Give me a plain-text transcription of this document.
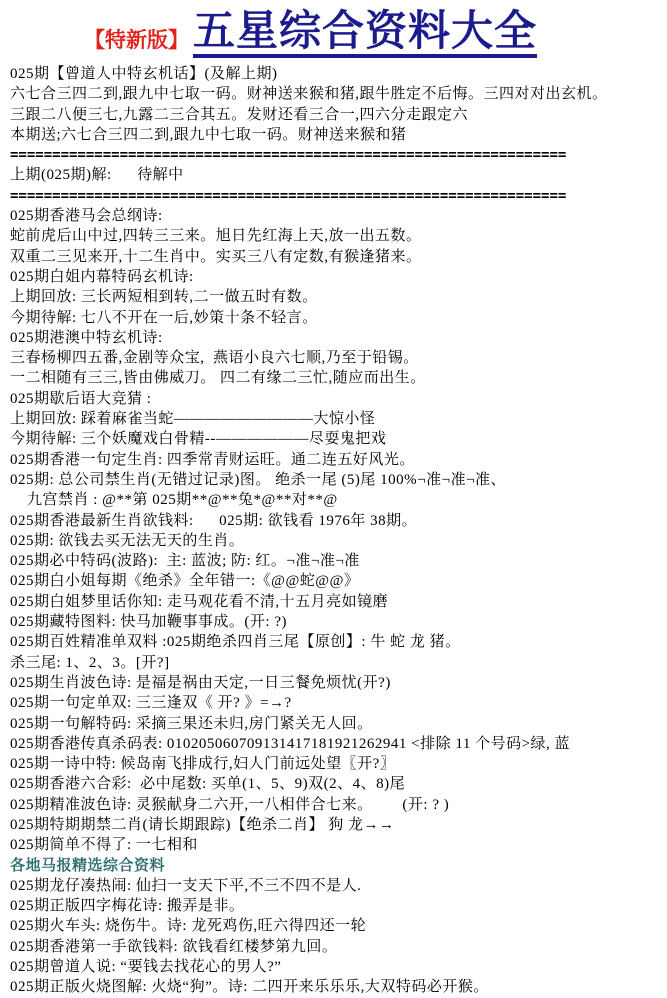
【特新版】 五星综合资料大全
025期【曾道人中特玄机话】(及解上期)
六七合三四二到,跟九中七取一码。财神送来猴和猪,跟牛胜定不后悔。三四对对出玄机。
三跟二八便三七,九露二三合其五。发财还看三合一,四六分走跟定六
本期送;六七合三四二到,跟九中七取一码。财神送来猴和猪
==================================================================
上期(025期)解:      待解中
==================================================================
025期香港马会总纲诗:
蛇前虎后山中过,四转三三来。旭日先红海上天,放一出五数。
双重二三见来开,十二生肖中。实买三八有定数,有猴逢猪来。
025期白姐内幕特码玄机诗:
上期回放: 三长两短相到转,二一做五时有数。
今期待解: 七八不开在一后,妙策十条不轻言。
025期港澳中特玄机诗:
三春杨柳四五番,金剧等众宝,  燕语小良六七顺,乃至于铅锡。
一二相随有三三,皆由佛威刀。 四二有缘二三忙,随应而出生。
025期歇后语大竞猜 :
上期回放: 踩着麻雀当蛇—————————大惊小怪
今期待解: 三个妖魔戏白骨精--——————尽耍鬼把戏
025期香港一句定生肖: 四季常青财运旺。通二连五好风光。
025期: 总公司禁生肖(无错过记录)图。 绝杀一尾 (5)尾 100%¬准¬准¬准、
九宫禁肖 : @**第 025期**@**兔*@**对**@
025期香港最新生肖欲钱料:      025期: 欲钱看 1976年 38期。
025期: 欲钱去买无法无天的生肖。
025期必中特码(波路):  主: 蓝波; 防: 红。¬准¬准¬准
025期白小姐每期《绝杀》全年错一:《@@蛇@@》
025期白姐梦里话你知: 走马观花看不清,十五月亮如镜磨
025期藏特图料: 快马加鞭事事成。(开: ?)
025期百姓精准单双料 :025期绝杀四肖三尾【原创】: 牛 蛇 龙 猪。
杀三尾: 1、2、3。[开?]
025期生肖波色诗: 是福是祸由天定,一日三餐免烦忧(开?)
025期一句定单双: 三三逢双《 开? 》=→?
025期一句解特码: 采摘三果还未归,房门紧关无人回。
025期香港传真杀码表: 010205060709131417181921262941 <排除 11 个号码>绿, 蓝
025期一诗中特: 候岛南飞排成行,妇人门前远处望〖开?〗
025期香港六合彩:  必中尾数: 买单(1、5、9)双(2、4、8)尾
025期精准波色诗: 灵猴献身二六开,一八相伴合七来。       (开: ? )
025期特期期禁二肖(请长期跟踪)【绝杀二肖】 狗 龙→→
025期简单不得了: 一七相和
各地马报精选综合资料
025期龙仔凑热闹: 仙扫一支天下平,不三不四不是人.
025期正版四字梅花诗: 搬弄是非。
025期火车头: 烧伤牛。诗: 龙死鸡伤,旺六得四还一轮
025期香港第一手欲钱料: 欲钱看红楼梦第九回。
025期曾道人说: “要钱去找花心的男人?”
025期正版火烧图解: 火烧“狗”。诗: 二四开来乐乐乐,大双特码必开猴。
